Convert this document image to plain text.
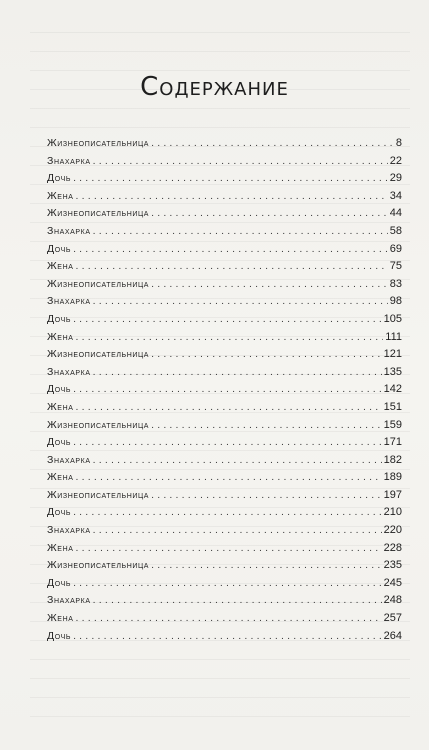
Содержание
Жизнеописательница .....	8
Знахарка .....	22
Дочь .....	29
Жена .....	34
Жизнеописательница .....	44
Знахарка .....	58
Дочь .....	69
Жена .....	75
Жизнеописательница .....	83
Знахарка .....	98
Дочь .....	105
Жена .....	111
Жизнеописательница .....	121
Знахарка .....	135
Дочь .....	142
Жена .....	151
Жизнеописательница .....	159
Дочь .....	171
Знахарка .....	182
Жена .....	189
Жизнеописательница .....	197
Дочь .....	210
Знахарка .....	220
Жена .....	228
Жизнеописательница .....	235
Дочь .....	245
Знахарка .....	248
Жена .....	257
Дочь .....	264
